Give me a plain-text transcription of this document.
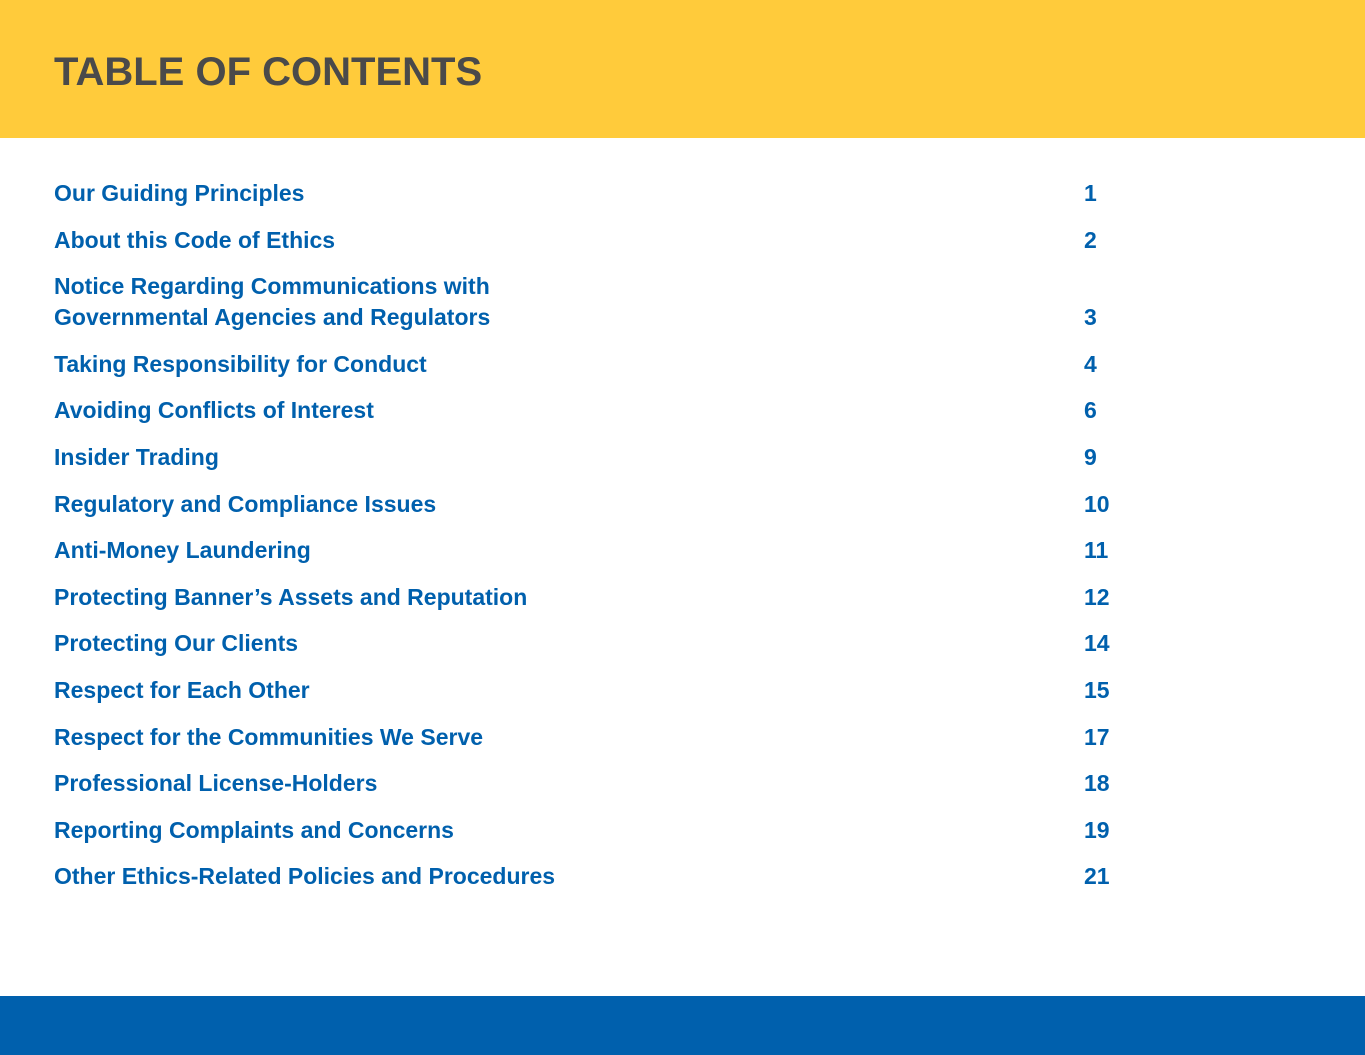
TABLE OF CONTENTS
Our Guiding Principles	1
About this Code of Ethics	2
Notice Regarding Communications with
Governmental Agencies and Regulators	3
Taking Responsibility for Conduct	4
Avoiding Conflicts of Interest	6
Insider Trading	9
Regulatory and Compliance Issues	10
Anti-Money Laundering	11
Protecting Banner’s Assets and Reputation	12
Protecting Our Clients	14
Respect for Each Other	15
Respect for the Communities We Serve	17
Professional License-Holders	18
Reporting Complaints and Concerns	19
Other Ethics-Related Policies and Procedures	21
